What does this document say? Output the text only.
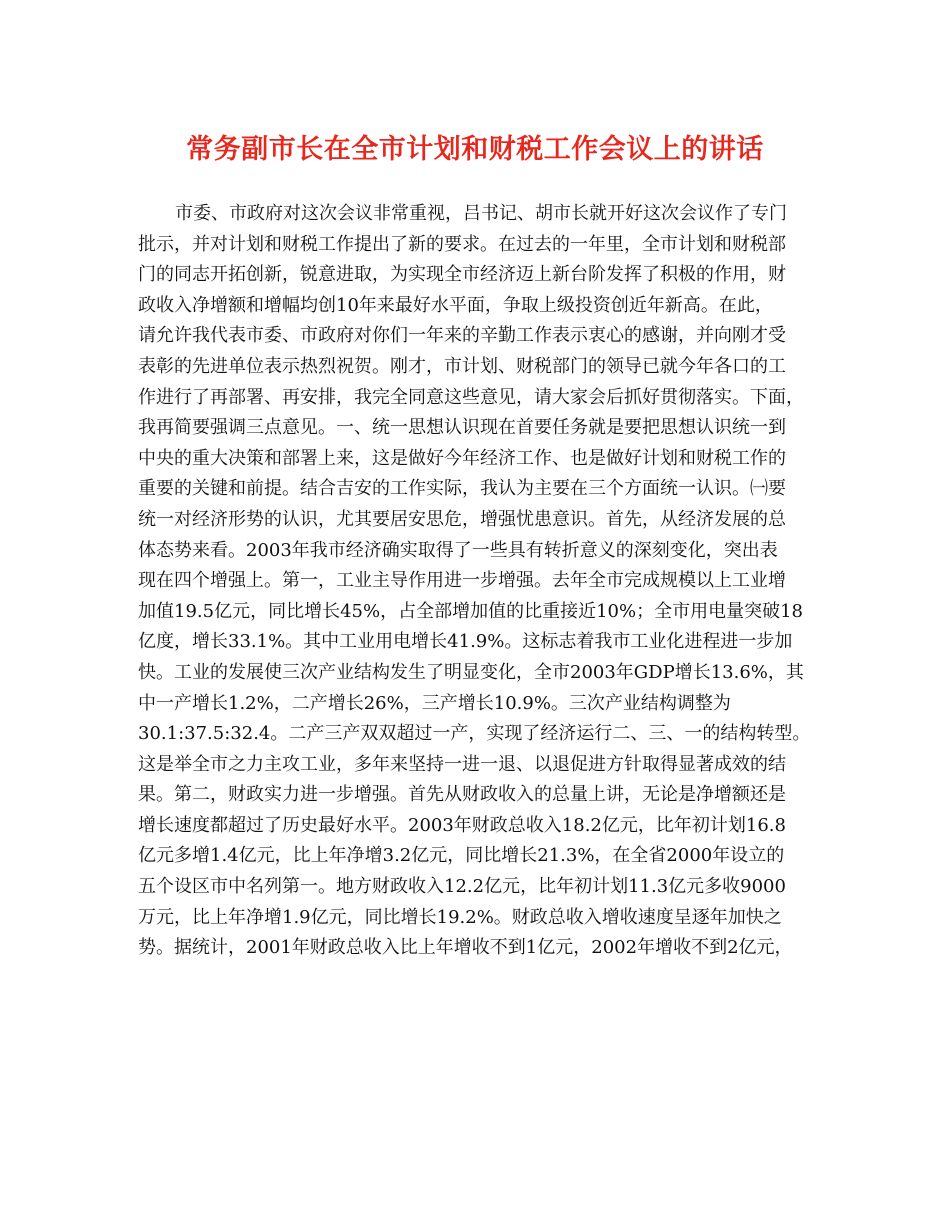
常务副市长在全市计划和财税工作会议上的讲话
市委、市政府对这次会议非常重视，吕书记、胡市长就开好这次会议作了专门
批示，并对计划和财税工作提出了新的要求。在过去的一年里，全市计划和财税部
门的同志开拓创新，锐意进取，为实现全市经济迈上新台阶发挥了积极的作用，财
政收入净增额和增幅均创10年来最好水平面，争取上级投资创近年新高。在此，
请允许我代表市委、市政府对你们一年来的辛勤工作表示衷心的感谢，并向刚才受
表彰的先进单位表示热烈祝贺。刚才，市计划、财税部门的领导已就今年各口的工
作进行了再部署、再安排，我完全同意这些意见，请大家会后抓好贯彻落实。下面，
我再简要强调三点意见。一、统一思想认识现在首要任务就是要把思想认识统一到
中央的重大决策和部署上来，这是做好今年经济工作、也是做好计划和财税工作的
重要的关键和前提。结合吉安的工作实际，我认为主要在三个方面统一认识。㈠要
统一对经济形势的认识，尤其要居安思危，增强忧患意识。首先，从经济发展的总
体态势来看。2003年我市经济确实取得了一些具有转折意义的深刻变化，突出表
现在四个增强上。第一，工业主导作用进一步增强。去年全市完成规模以上工业增
加值19.5亿元，同比增长45%，占全部增加值的比重接近10%；全市用电量突破18
亿度，增长33.1%。其中工业用电增长41.9%。这标志着我市工业化进程进一步加
快。工业的发展使三次产业结构发生了明显变化，全市2003年GDP增长13.6%，其
中一产增长1.2%，二产增长26%，三产增长10.9%。三次产业结构调整为
30.1:37.5:32.4。二产三产双双超过一产，实现了经济运行二、三、一的结构转型。
这是举全市之力主攻工业，多年来坚持一进一退、以退促进方针取得显著成效的结
果。第二，财政实力进一步增强。首先从财政收入的总量上讲，无论是净增额还是
增长速度都超过了历史最好水平。2003年财政总收入18.2亿元，比年初计划16.8
亿元多增1.4亿元，比上年净增3.2亿元，同比增长21.3%，在全省2000年设立的
五个设区市中名列第一。地方财政收入12.2亿元，比年初计划11.3亿元多收9000
万元，比上年净增1.9亿元，同比增长19.2%。财政总收入增收速度呈逐年加快之
势。据统计，2001年财政总收入比上年增收不到1亿元，2002年增收不到2亿元，
